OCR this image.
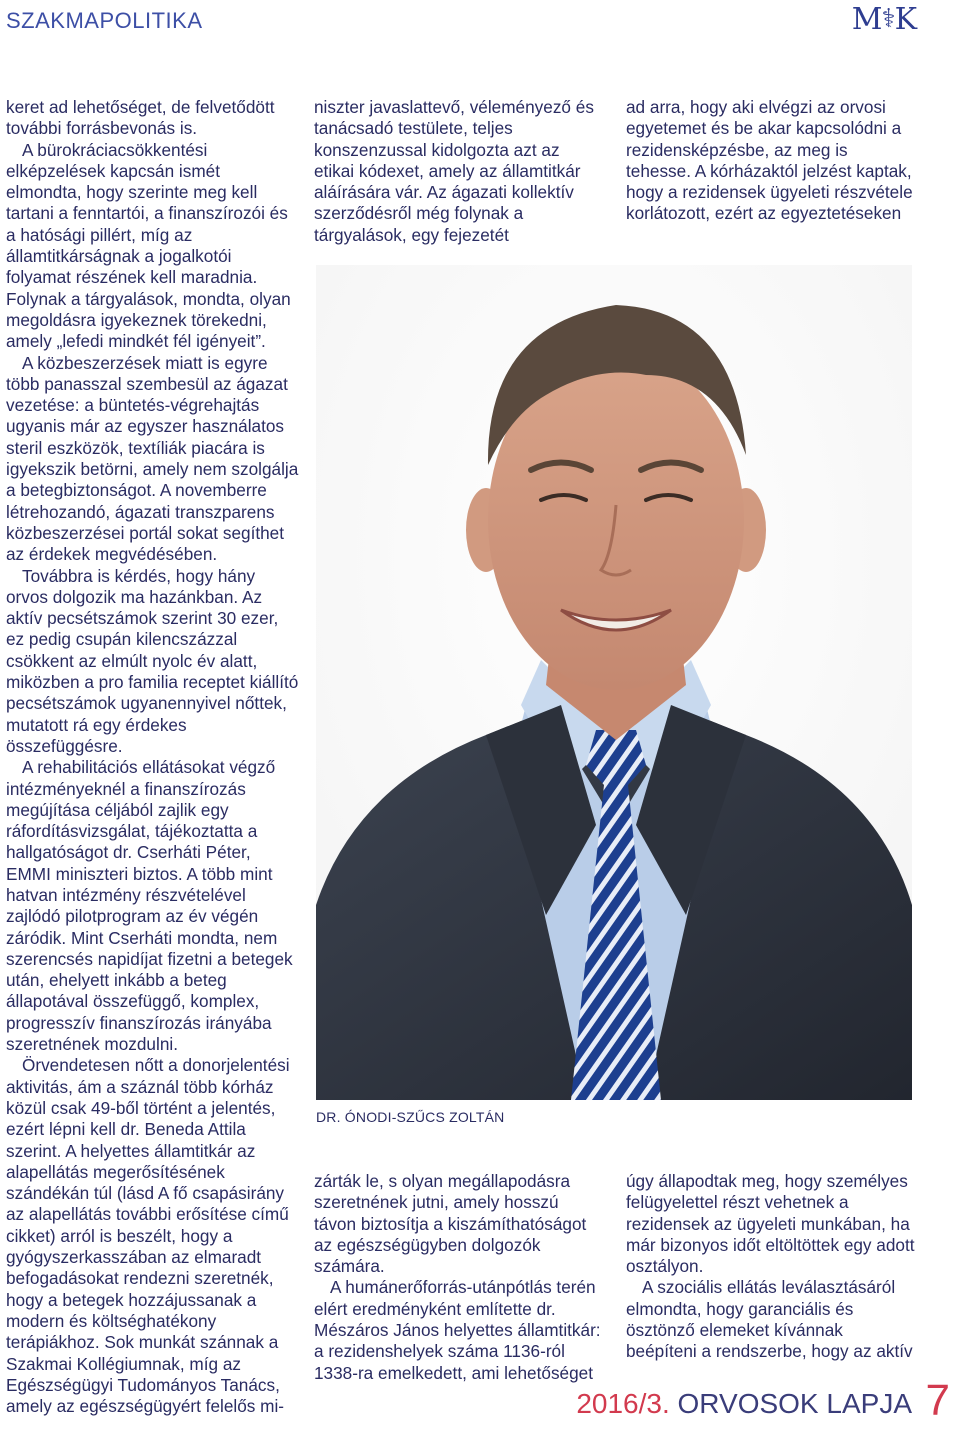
SZAKMAPOLITIKA	M⚕K

keret ad lehetőséget, de felvetődött további forrásbevonás is.

A bürokráciacsökkentési elképzelések kapcsán ismét elmondta, hogy szerinte meg kell tartani a fenntartói, a finanszírozói és a hatósági pillért, míg az államtitkárságnak a jogalkotói folyamat részének kell maradnia. Folynak a tárgyalások, mondta, olyan megoldásra igyekeznek törekedni, amely „lefedi mindkét fél igényeit”.

A közbeszerzések miatt is egyre több panasszal szembesül az ágazat vezetése: a büntetés-végrehajtás ugyanis már az egyszer használatos steril eszközök, textíliák piacára is igyekszik betörni, amely nem szolgálja a betegbiztonságot. A novemberre létrehozandó, ágazati transzparens közbeszerzései portál sokat segíthet az érdekek megvédésében.

Továbbra is kérdés, hogy hány orvos dolgozik ma hazánkban. Az aktív pecsétszámok szerint 30 ezer, ez pedig csupán kilencszázzal csökkent az elmúlt nyolc év alatt, miközben a pro familia receptet kiállító pecsétszámok ugyanennyivel nőttek, mutatott rá egy érdekes összefüggésre.

A rehabilitációs ellátásokat végző intézményeknél a finanszírozás megújítása céljából zajlik egy ráfordításvizsgálat, tájékoztatta a hallgatóságot dr. Cserháti Péter, EMMI miniszteri biztos. A több mint hatvan intézmény részvételével zajlódó pilotprogram az év végén záródik. Mint Cserháti mondta, nem szerencsés napidíjat fizetni a betegek után, ehelyett inkább a beteg állapotával összefüggő, komplex, progresszív finanszírozás irányába szeretnének mozdulni.

Örvendetesen nőtt a donorjelentési aktivitás, ám a száznál több kórház közül csak 49-ből történt a jelentés, ezért lépni kell dr. Beneda Attila szerint. A helyettes államtitkár az alapellátás megerősítésének szándékán túl (lásd A fő csapásirány az alapellátás további erősítése című cikket) arról is beszélt, hogy a gyógyszerkasszában az elmaradt befogadásokat rendezni szeretnék, hogy a betegek hozzájussanak a modern és költséghatékony terápiákhoz. Sok munkát szánnak a Szakmai Kollégiumnak, míg az Egészségügyi Tudományos Tanács, amely az egészségügyért felelős mi-

niszter javaslattevő, véleményező és tanácsadó testülete, teljes konszenzussal kidolgozta azt az etikai kódexet, amely az államtitkár aláírására vár. Az ágazati kollektív szerződésről még folynak a tárgyalások, egy fejezetét

ad arra, hogy aki elvégzi az orvosi egyetemet és be akar kapcsolódni a rezidensképzésbe, az meg is tehesse. A kórházaktól jelzést kaptak, hogy a rezidensek ügyeleti részvétele korlátozott, ezért az egyeztetéseken

DR. ÓNODI-SZŰCS ZOLTÁN

zárták le, s olyan megállapodásra szeretnének jutni, amely hosszú távon biztosítja a kiszámíthatóságot az egészségügyben dolgozók számára.

A humánerőforrás-utánpótlás terén elért eredményként említette dr. Mészáros János helyettes államtitkár: a rezidenshelyek száma 1136-ról 1338-ra emelkedett, ami lehetőséget

úgy állapodtak meg, hogy személyes felügyelettel részt vehetnek a rezidensek az ügyeleti munkában, ha már bizonyos időt eltöltöttek egy adott osztályon.

A szociális ellátás leválasztásáról elmondta, hogy garanciális és ösztönző elemeket kívánnak beépíteni a rendszerbe, hogy az aktív

2016/3. ORVOSOK LAPJA 7
